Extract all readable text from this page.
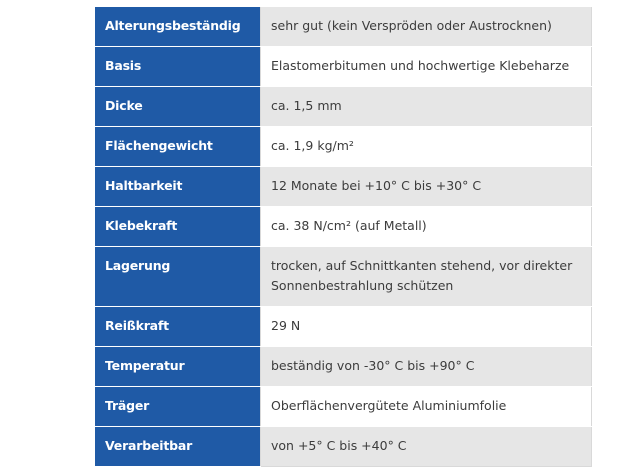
Alterungsbeständig	sehr gut (kein Verspröden oder Austrocknen)
Basis	Elastomerbitumen und hochwertige Klebeharze
Dicke	ca. 1,5 mm
Flächengewicht	ca. 1,9 kg/m²
Haltbarkeit	12 Monate bei +10° C bis +30° C
Klebekraft	ca. 38 N/cm² (auf Metall)
Lagerung	trocken, auf Schnittkanten stehend, vor direkter Sonnenbestrahlung schützen
Reißkraft	29 N
Temperatur	beständig von -30° C bis +90° C
Träger	Oberflächenvergütete Aluminiumfolie
Verarbeitbar	von +5° C bis +40° C
